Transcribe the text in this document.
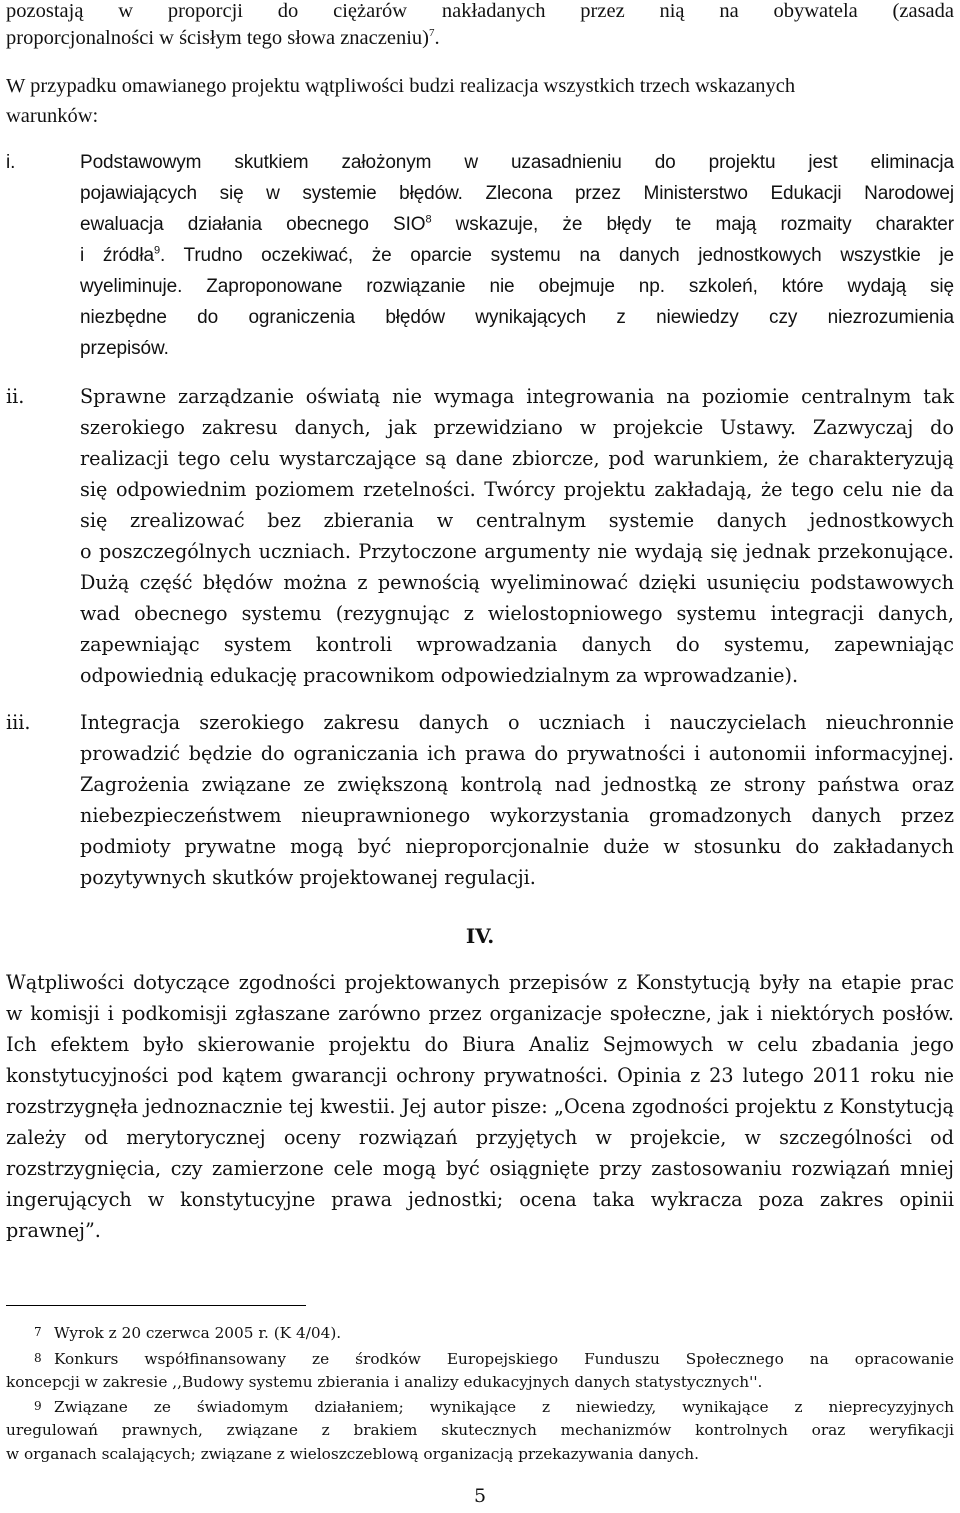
pozostają w proporcji do ciężarów nakładanych przez nią na obywatela (zasada
proporcjonalności w ścisłym tego słowa znaczeniu)$^7$.
W przypadku omawianego projektu wątpliwości budzi realizacja wszystkich trzech wskazanych
warunków:
i.	Podstawowym skutkiem założonym w uzasadnieniu do projektu jest eliminacja
pojawiających się w systemie błędów. Zlecona przez Ministerstwo Edukacji Narodowej
ewaluacja działania obecnego SIO$^8$ wskazuje, że błędy te mają rozmaity charakter
i źródła$^9$. Trudno oczekiwać, że oparcie systemu na danych jednostkowych wszystkie je
wyeliminuje. Zaproponowane rozwiązanie nie obejmuje np. szkoleń, które wydają się
niezbędne do ograniczenia błędów wynikających z niewiedzy czy niezrozumienia
przepisów.
ii.	Sprawne zarządzanie oświatą nie wymaga integrowania na poziomie centralnym tak
szerokiego zakresu danych, jak przewidziano w projekcie Ustawy. Zazwyczaj do
realizacji tego celu wystarczające są dane zbiorcze, pod warunkiem, że charakteryzują
się odpowiednim poziomem rzetelności. Twórcy projektu zakładają, że tego celu nie da
się zrealizować bez zbierania w centralnym systemie danych jednostkowych
o poszczególnych uczniach. Przytoczone argumenty nie wydają się jednak przekonujące.
Dużą część błędów można z pewnością wyeliminować dzięki usunięciu podstawowych
wad obecnego systemu (rezygnując z wielostopniowego systemu integracji danych,
zapewniając system kontroli wprowadzania danych do systemu, zapewniając
odpowiednią edukację pracownikom odpowiedzialnym za wprowadzanie).
iii.	Integracja szerokiego zakresu danych o uczniach i nauczycielach nieuchronnie
prowadzić będzie do ograniczania ich prawa do prywatności i autonomii informacyjnej.
Zagrożenia związane ze zwiększoną kontrolą nad jednostką ze strony państwa oraz
niebezpieczeństwem nieuprawnionego wykorzystania gromadzonych danych przez
podmioty prywatne mogą być nieproporcjonalnie duże w stosunku do zakładanych
pozytywnych skutków projektowanej regulacji.
IV.
Wątpliwości dotyczące zgodności projektowanych przepisów z Konstytucją były na etapie prac
w komisji i podkomisji zgłaszane zarówno przez organizacje społeczne, jak i niektórych posłów.
Ich efektem było skierowanie projektu do Biura Analiz Sejmowych w celu zbadania jego
konstytucyjności pod kątem gwarancji ochrony prywatności. Opinia z 23 lutego 2011 roku nie
rozstrzygnęła jednoznacznie tej kwestii. Jej autor pisze: „Ocena zgodności projektu z Konstytucją
zależy od merytorycznej oceny rozwiązań przyjętych w projekcie, w szczególności od
rozstrzygnięcia, czy zamierzone cele mogą być osiągnięte przy zastosowaniu rozwiązań mniej
ingerujących w konstytucyjne prawa jednostki; ocena taka wykracza poza zakres opinii
prawnej”.
7 Wyrok z 20 czerwca 2005 r. (K 4/04).
8 Konkurs współfinansowany ze środków Europejskiego Funduszu Społecznego na opracowanie
koncepcji w zakresie ,,Budowy systemu zbierania i analizy edukacyjnych danych statystycznych''.
9 Związane ze świadomym działaniem; wynikające z niewiedzy, wynikające z nieprecyzyjnych
uregulowań prawnych, związane z brakiem skutecznych mechanizmów kontrolnych oraz weryfikacji
w organach scalających; związane z wieloszczeblową organizacją przekazywania danych.
5
